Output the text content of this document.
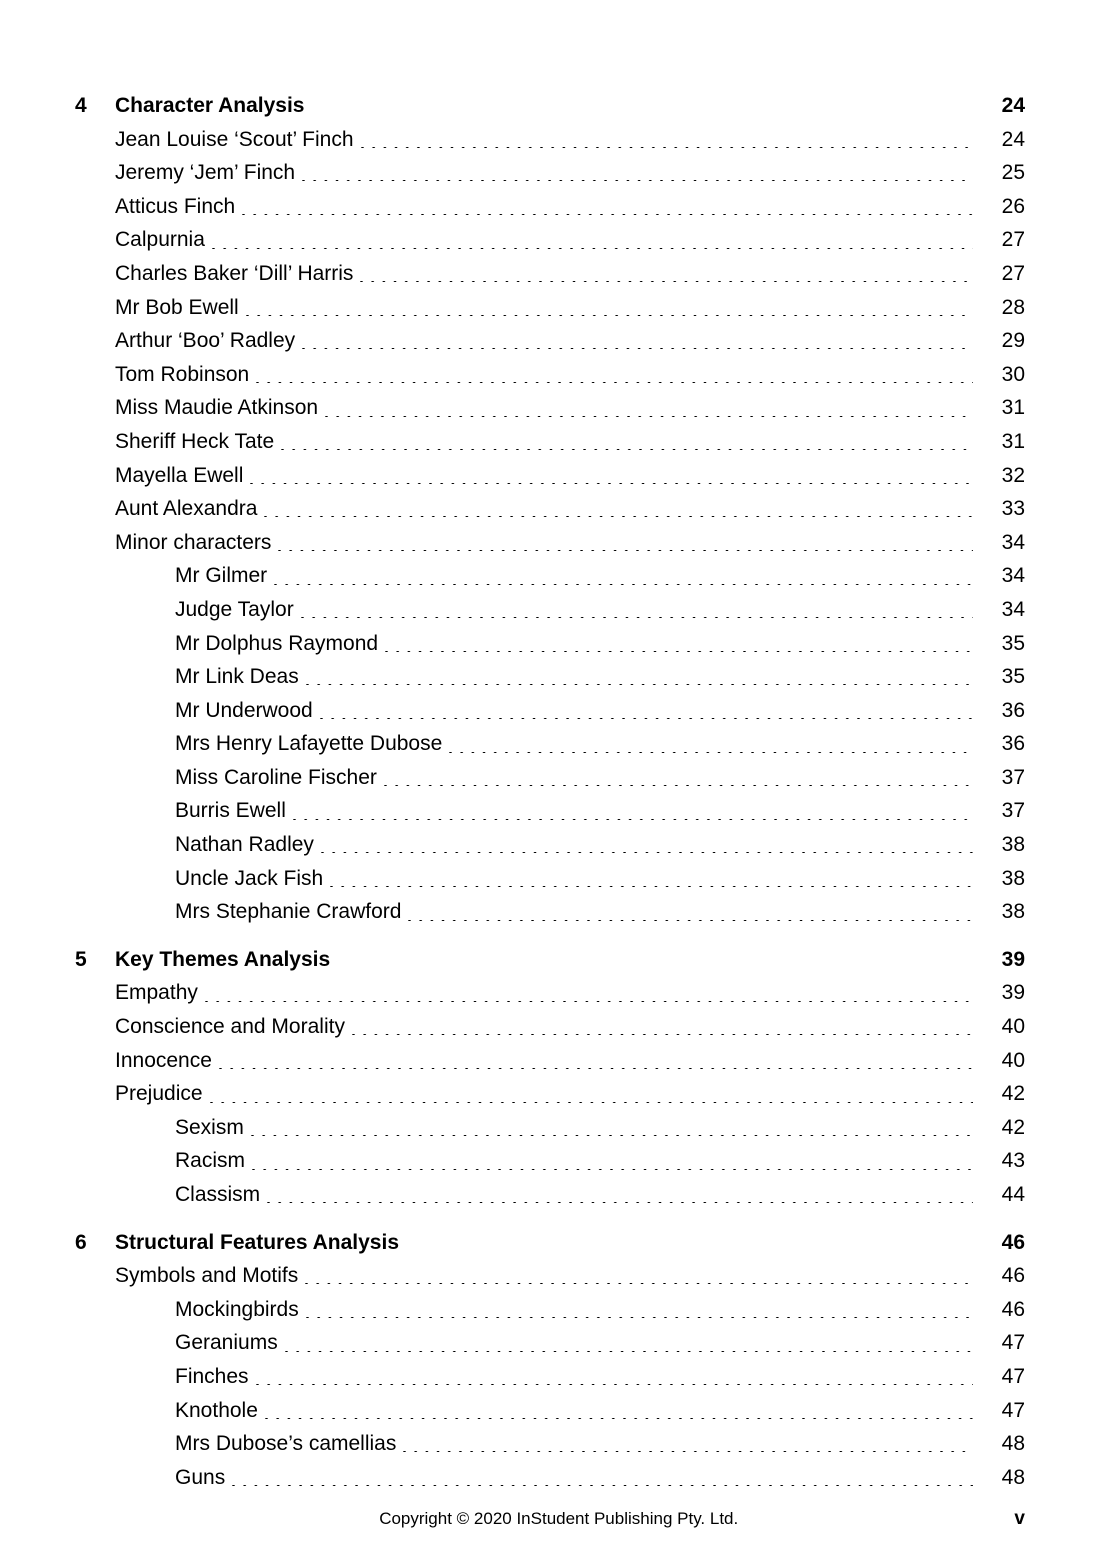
4	Character Analysis	24
Jean Louise ‘Scout’ Finch	24
Jeremy ‘Jem’ Finch	25
Atticus Finch	26
Calpurnia	27
Charles Baker ‘Dill’ Harris	27
Mr Bob Ewell	28
Arthur ‘Boo’ Radley	29
Tom Robinson	30
Miss Maudie Atkinson	31
Sheriff Heck Tate	31
Mayella Ewell	32
Aunt Alexandra	33
Minor characters	34
Mr Gilmer	34
Judge Taylor	34
Mr Dolphus Raymond	35
Mr Link Deas	35
Mr Underwood	36
Mrs Henry Lafayette Dubose	36
Miss Caroline Fischer	37
Burris Ewell	37
Nathan Radley	38
Uncle Jack Fish	38
Mrs Stephanie Crawford	38
5	Key Themes Analysis	39
Empathy	39
Conscience and Morality	40
Innocence	40
Prejudice	42
Sexism	42
Racism	43
Classism	44
6	Structural Features Analysis	46
Symbols and Motifs	46
Mockingbirds	46
Geraniums	47
Finches	47
Knothole	47
Mrs Dubose’s camellias	48
Guns	48
Copyright © 2020 InStudent Publishing Pty. Ltd.	v
